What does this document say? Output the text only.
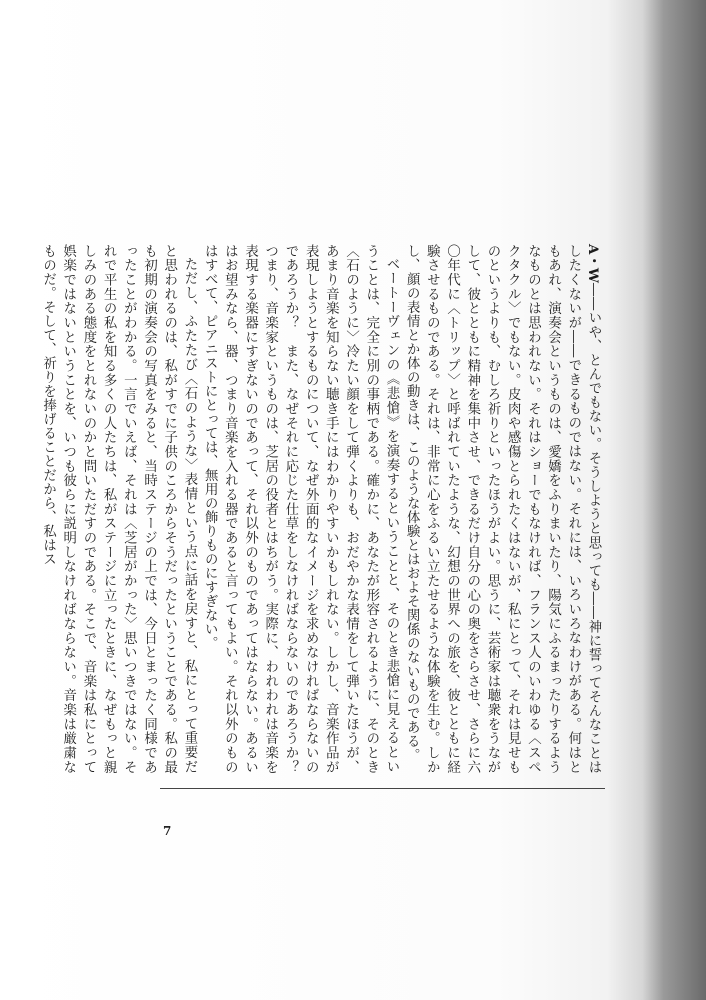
A・W――いや、とんでもない。そうしようと思っても――神に誓ってそんなことはしたくないが――できるものではない。それには、いろいろなわけがある。何はともあれ、演奏会というものは、愛嬌をふりまいたり、陽気にふるまったりするようなものとは思われない。それはショーでもなければ、フランス人のいわゆる〈スペクタクル〉でもない。皮肉や感傷とられたくはないが、私にとって、それは見せものというよりも、むしろ祈りといったほうがよい。思うに、芸術家は聴衆をうながして、彼とともに精神を集中させ、できるだけ自分の心の奥をさらさせ、さらに六〇年代に〈トリップ〉と呼ばれていたような、幻想の世界への旅を、彼とともに経験させるものである。それは、非常に心をふるい立たせるような体験を生む。しかし、顔の表情とか体の動きは、このような体験とはおよそ関係のないものである。

ベートーヴェンの《悲愴》を演奏するということと、そのとき悲愴に見えるということは、完全に別の事柄である。確かに、あなたが形容されるように、そのとき〈石のように〉冷たい顔をして弾くよりも、おだやかな表情をして弾いたほうが、あまり音楽を知らない聴き手にはわかりやすいかもしれない。しかし、音楽作品が表現しようとするものについて、なぜ外面的なイメージを求めなければならないのであろうか？　また、なぜそれに応じた仕草をしなければならないのであろうか？　つまり、音楽家というものは、芝居の役者とはちがう。実際に、われわれは音楽を表現する楽器にすぎないのであって、それ以外のものであってはならない。あるいはお望みなら、器、つまり音楽を入れる器であると言ってもよい。それ以外のものはすべて、ピアニストにとっては、無用の飾りものにすぎない。

ただし、ふたたび〈石のような〉表情という点に話を戻すと、私にとって重要だと思われるのは、私がすでに子供のころからそうだったということである。私の最も初期の演奏会の写真をみると、当時ステージの上では、今日とまったく同様であったことがわかる。一言でいえば、それは〈芝居がかった〉思いつきではない。それで平生の私を知る多くの人たちは、私がステージに立ったときに、なぜもっと親しみのある態度をとれないのかと問いただすのである。そこで、音楽は私にとって娯楽ではないということを、いつも彼らに説明しなければならない。音楽は厳粛なものだ。そして、祈りを捧げることだから、私はス

7
